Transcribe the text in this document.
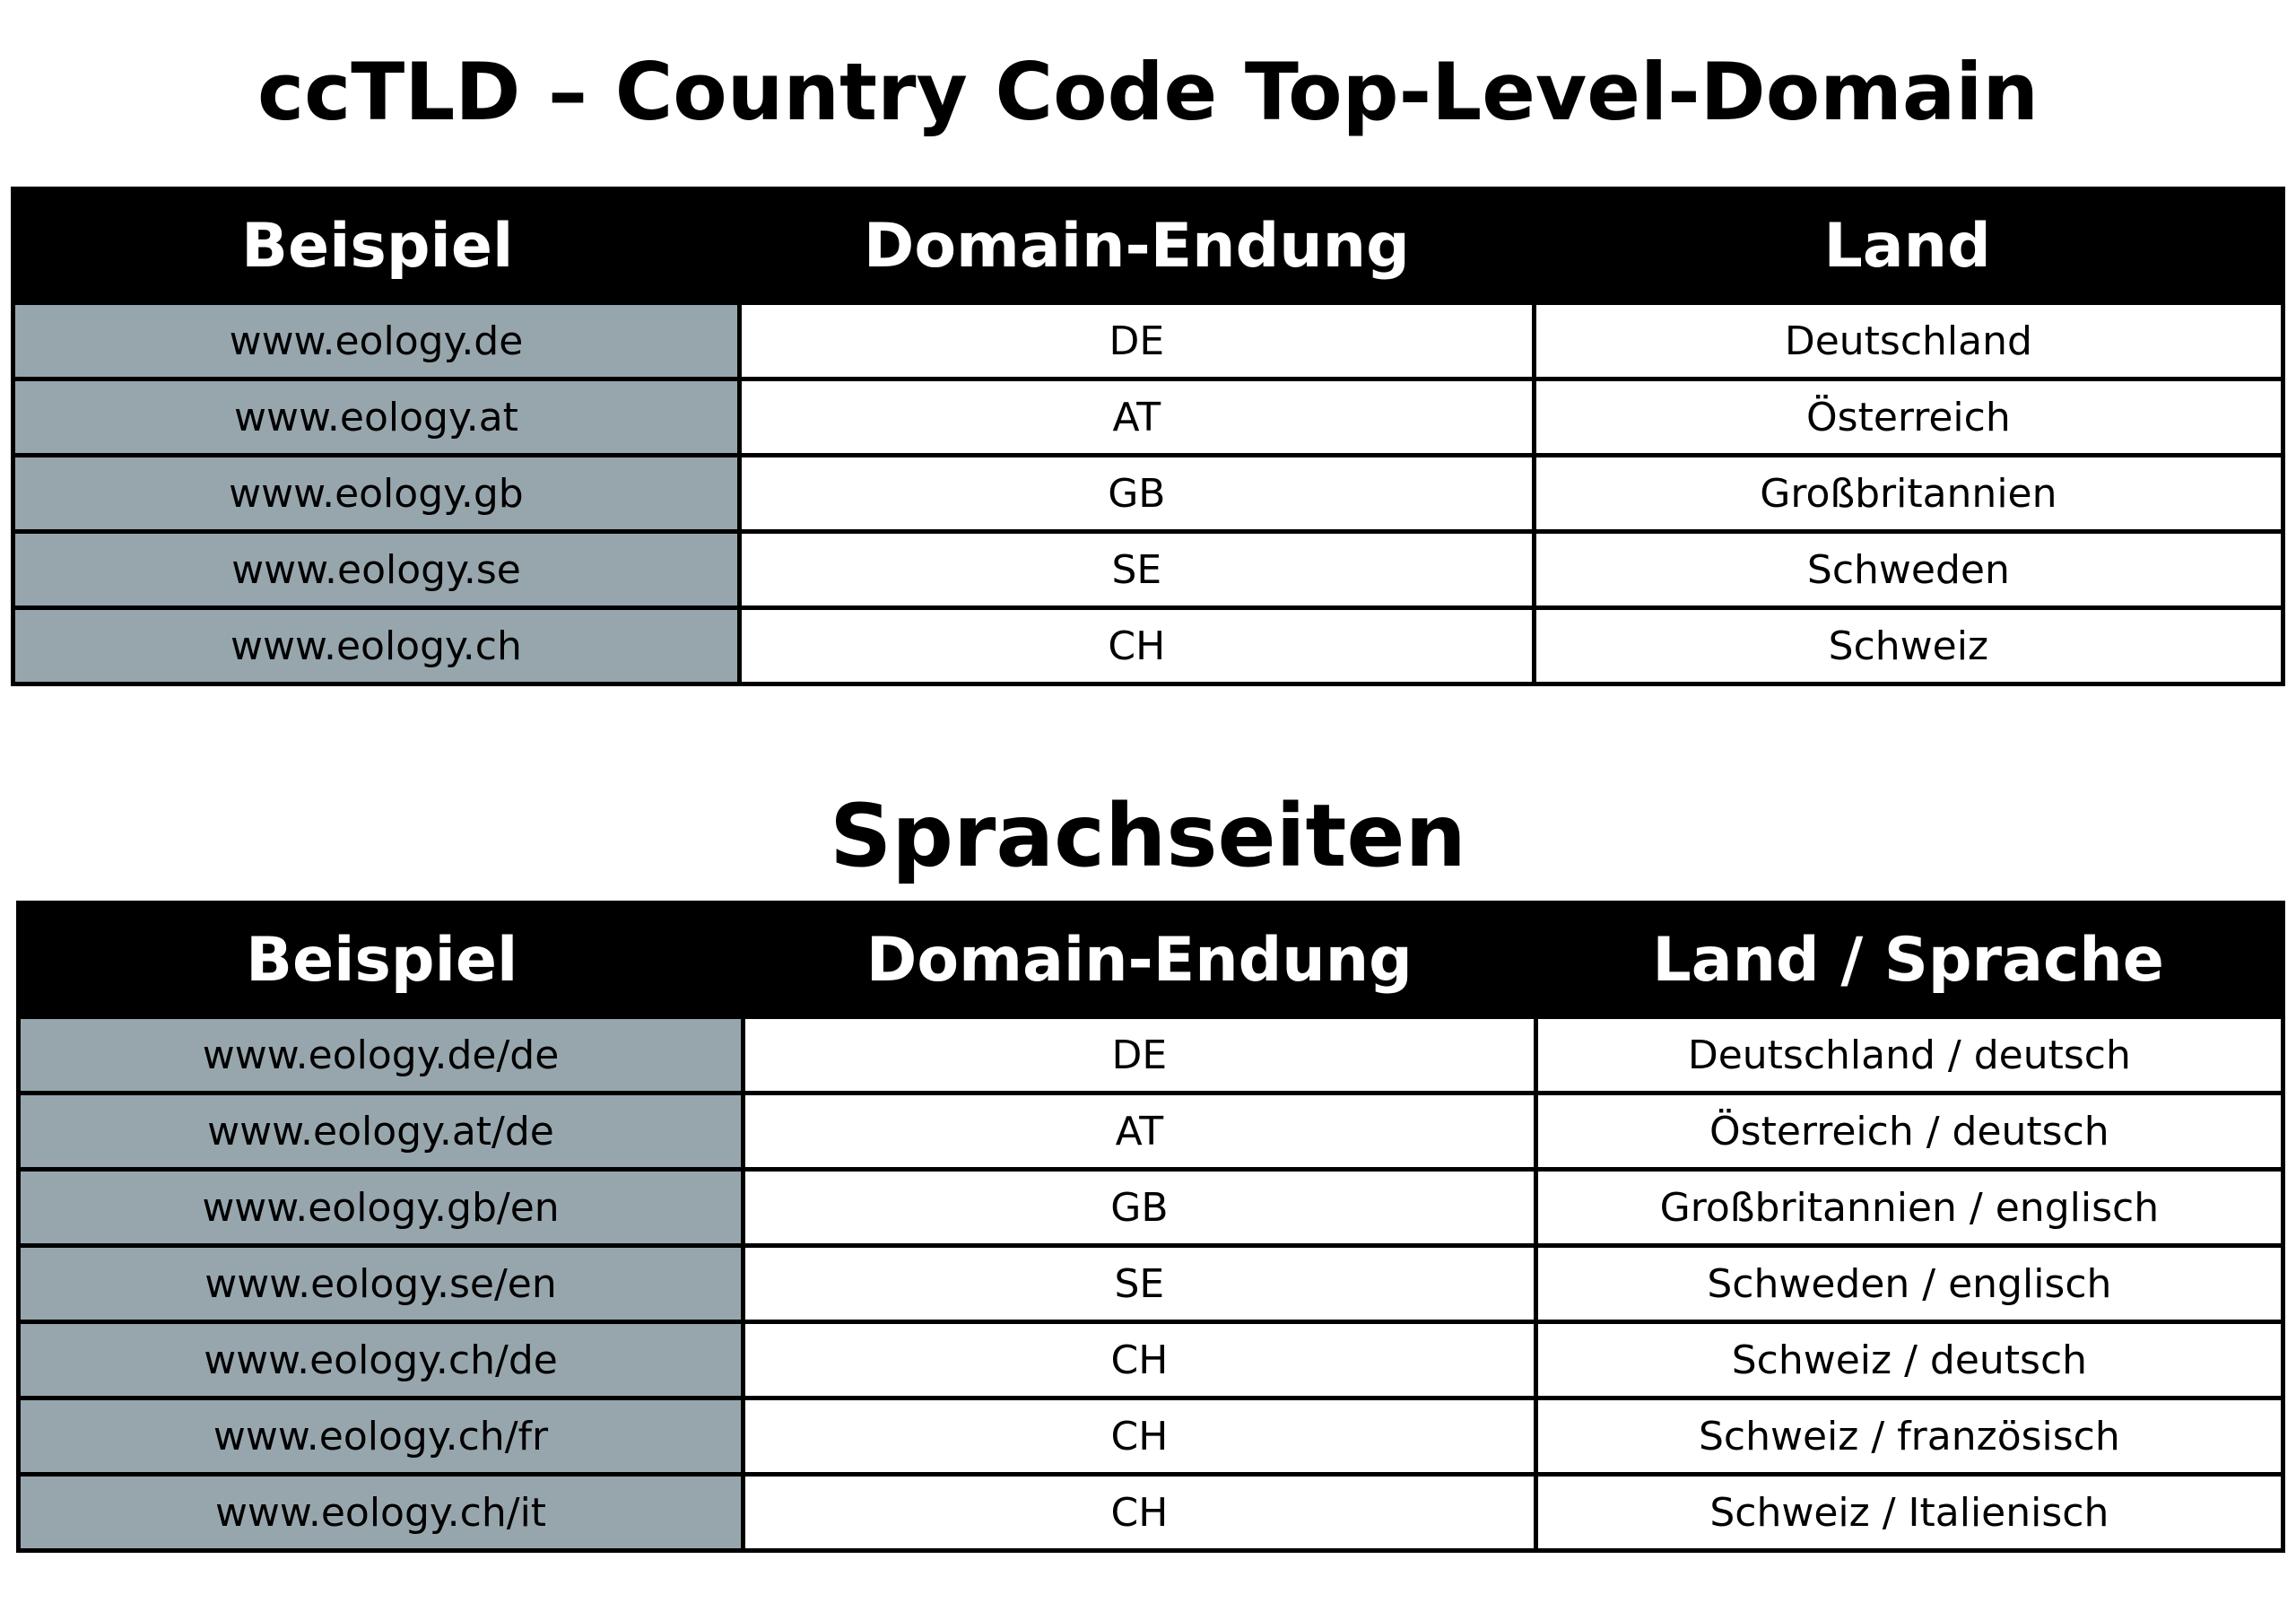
ccTLD – Country Code Top-Level-Domain
Beispiel	Domain-Endung	Land
www.eology.de	DE	Deutschland
www.eology.at	AT	Österreich
www.eology.gb	GB	Großbritannien
www.eology.se	SE	Schweden
www.eology.ch	CH	Schweiz
Sprachseiten
Beispiel	Domain-Endung	Land / Sprache
www.eology.de/de	DE	Deutschland / deutsch
www.eology.at/de	AT	Österreich / deutsch
www.eology.gb/en	GB	Großbritannien / englisch
www.eology.se/en	SE	Schweden / englisch
www.eology.ch/de	CH	Schweiz / deutsch
www.eology.ch/fr	CH	Schweiz / französisch
www.eology.ch/it	CH	Schweiz / Italienisch
